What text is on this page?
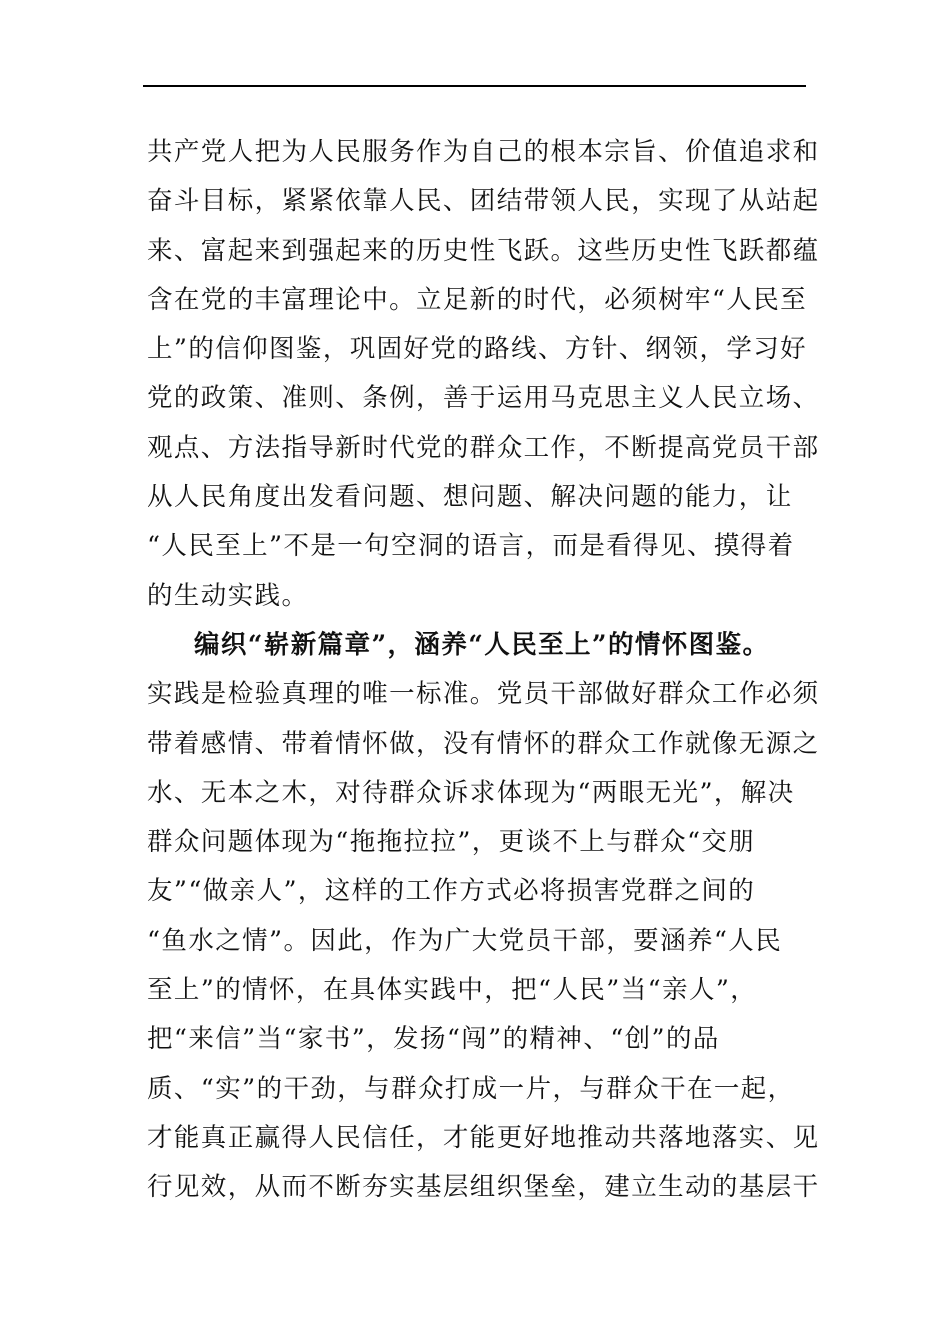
共产党人把为人民服务作为自己的根本宗旨、价值追求和
奋斗目标，紧紧依靠人民、团结带领人民，实现了从站起
来、富起来到强起来的历史性飞跃。这些历史性飞跃都蕴
含在党的丰富理论中。立足新的时代，必须树牢“人民至
上”的信仰图鉴，巩固好党的路线、方针、纲领，学习好
党的政策、准则、条例，善于运用马克思主义人民立场、
观点、方法指导新时代党的群众工作，不断提高党员干部
从人民角度出发看问题、想问题、解决问题的能力，让
“人民至上”不是一句空洞的语言，而是看得见、摸得着
的生动实践。
编织“崭新篇章”，涵养“人民至上”的情怀图鉴。
实践是检验真理的唯一标准。党员干部做好群众工作必须
带着感情、带着情怀做，没有情怀的群众工作就像无源之
水、无本之木，对待群众诉求体现为“两眼无光”，解决
群众问题体现为“拖拖拉拉”，更谈不上与群众“交朋
友”“做亲人”，这样的工作方式必将损害党群之间的
“鱼水之情”。因此，作为广大党员干部，要涵养“人民
至上”的情怀，在具体实践中，把“人民”当“亲人”，
把“来信”当“家书”，发扬“闯”的精神、“创”的品
质、“实”的干劲，与群众打成一片，与群众干在一起，
才能真正赢得人民信任，才能更好地推动共落地落实、见
行见效，从而不断夯实基层组织堡垒，建立生动的基层干
